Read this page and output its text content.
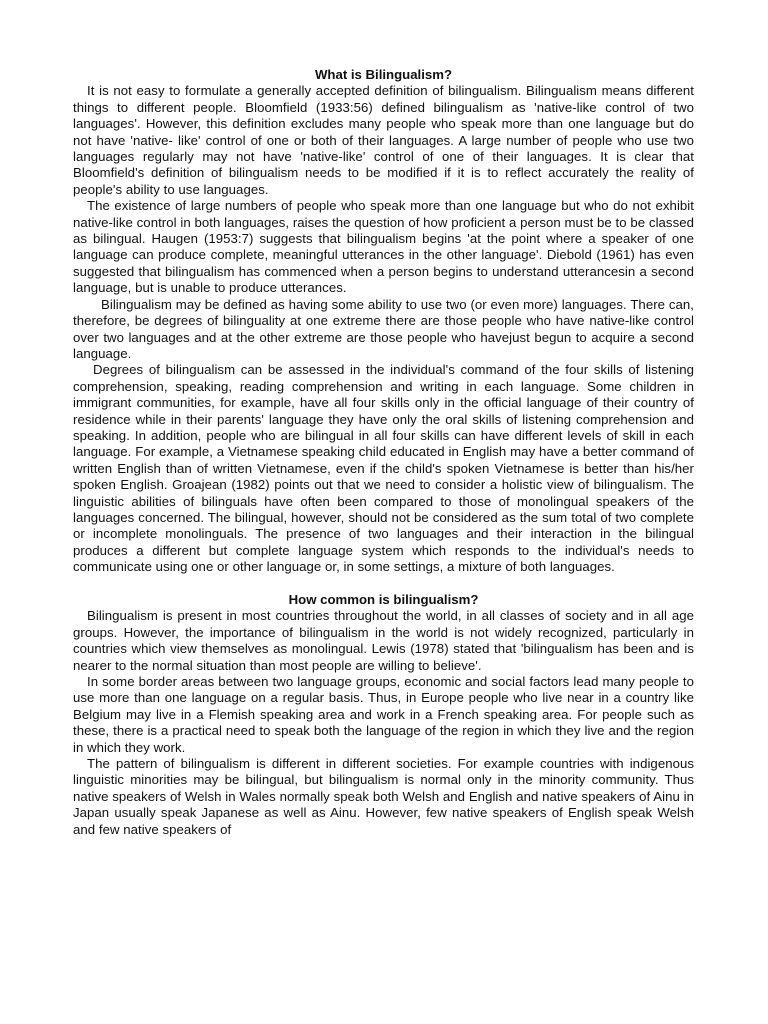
What is Bilingualism?

It is not easy to formulate a generally accepted definition of bilingualism. Bilingualism means different things to different people. Bloomfield (1933:56) defined bilingualism as 'native-like control of two languages'. However, this definition excludes many people who speak more than one language but do not have 'native- like' control of one or both of their languages. A large number of people who use two languages regularly may not have 'native-like' control of one of their languages. It is clear that Bloomfield's definition of bilingualism needs to be modified if it is to reflect accurately the reality of people's ability to use languages.

The existence of large numbers of people who speak more than one language but who do not exhibit native-like control in both languages, raises the question of how proficient a person must be to be classed as bilingual. Haugen (1953:7) suggests that bilingualism begins 'at the point where a speaker of one language can produce complete, meaningful utterances in the other language'. Diebold (1961) has even suggested that bilingualism has commenced when a person begins to understand utterancesin a second language, but is unable to produce utterances.

Bilingualism may be defined as having some ability to use two (or even more) languages. There can, therefore, be degrees of bilinguality at one extreme there are those people who have native-like control over two languages and at the other extreme are those people who havejust begun to acquire a second language.

Degrees of bilingualism can be assessed in the individual's command of the four skills of listening comprehension, speaking, reading comprehension and writing in each language. Some children in immigrant communities, for example, have all four skills only in the official language of their country of residence while in their parents' language they have only the oral skills of listening comprehension and speaking. In addition, people who are bilingual in all four skills can have different levels of skill in each language. For example, a Vietnamese speaking child educated in English may have a better command of written English than of written Vietnamese, even if the child's spoken Vietnamese is better than his/her spoken English. Groajean (1982) points out that we need to consider a holistic view of bilingualism. The linguistic abilities of bilinguals have often been compared to those of monolingual speakers of the languages concerned. The bilingual, however, should not be considered as the sum total of two complete or incomplete monolinguals. The presence of two languages and their interaction in the bilingual produces a different but complete language system which responds to the individual's needs to communicate using one or other language or, in some settings, a mixture of both languages.

How common is bilingualism?

Bilingualism is present in most countries throughout the world, in all classes of society and in all age groups. However, the importance of bilingualism in the world is not widely recognized, particularly in countries which view themselves as monolingual. Lewis (1978) stated that 'bilingualism has been and is nearer to the normal situation than most people are willing to believe'.

In some border areas between two language groups, economic and social factors lead many people to use more than one language on a regular basis. Thus, in Europe people who live near in a country like Belgium may live in a Flemish speaking area and work in a French speaking area. For people such as these, there is a practical need to speak both the language of the region in which they live and the region in which they work.

The pattern of bilingualism is different in different societies. For example countries with indigenous linguistic minorities may be bilingual, but bilingualism is normal only in the minority community. Thus native speakers of Welsh in Wales normally speak both Welsh and English and native speakers of Ainu in Japan usually speak Japanese as well as Ainu. However, few native speakers of English speak Welsh and few native speakers of
